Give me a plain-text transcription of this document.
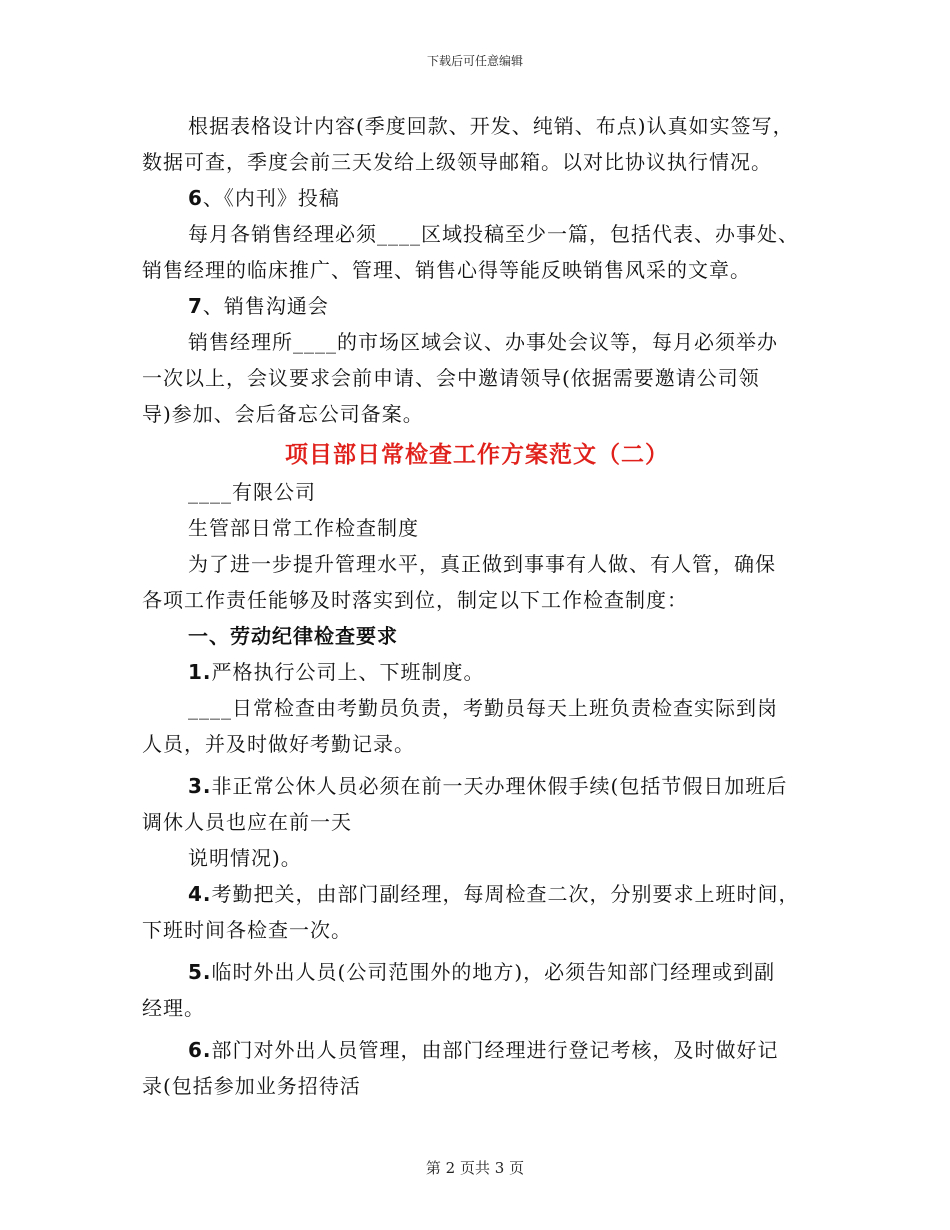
下载后可任意编辑
根据表格设计内容(季度回款、开发、纯销、布点)认真如实签写，
数据可查，季度会前三天发给上级领导邮箱。以对比协议执行情况。
6、《内刊》投稿
每月各销售经理必须____区域投稿至少一篇，包括代表、办事处、
销售经理的临床推广、管理、销售心得等能反映销售风采的文章。
7、销售沟通会
销售经理所____的市场区域会议、办事处会议等，每月必须举办
一次以上，会议要求会前申请、会中邀请领导(依据需要邀请公司领
导)参加、会后备忘公司备案。
项目部日常检查工作方案范文（二）
____有限公司
生管部日常工作检查制度
为了进一步提升管理水平，真正做到事事有人做、有人管，确保
各项工作责任能够及时落实到位，制定以下工作检查制度：
一、劳动纪律检查要求
1.严格执行公司上、下班制度。
____日常检查由考勤员负责，考勤员每天上班负责检查实际到岗
人员，并及时做好考勤记录。
3.非正常公休人员必须在前一天办理休假手续(包括节假日加班后
调休人员也应在前一天
说明情况)。
4.考勤把关，由部门副经理，每周检查二次，分别要求上班时间，
下班时间各检查一次。
5.临时外出人员(公司范围外的地方)，必须告知部门经理或到副
经理。
6.部门对外出人员管理，由部门经理进行登记考核，及时做好记
录(包括参加业务招待活
第 2 页共 3 页
